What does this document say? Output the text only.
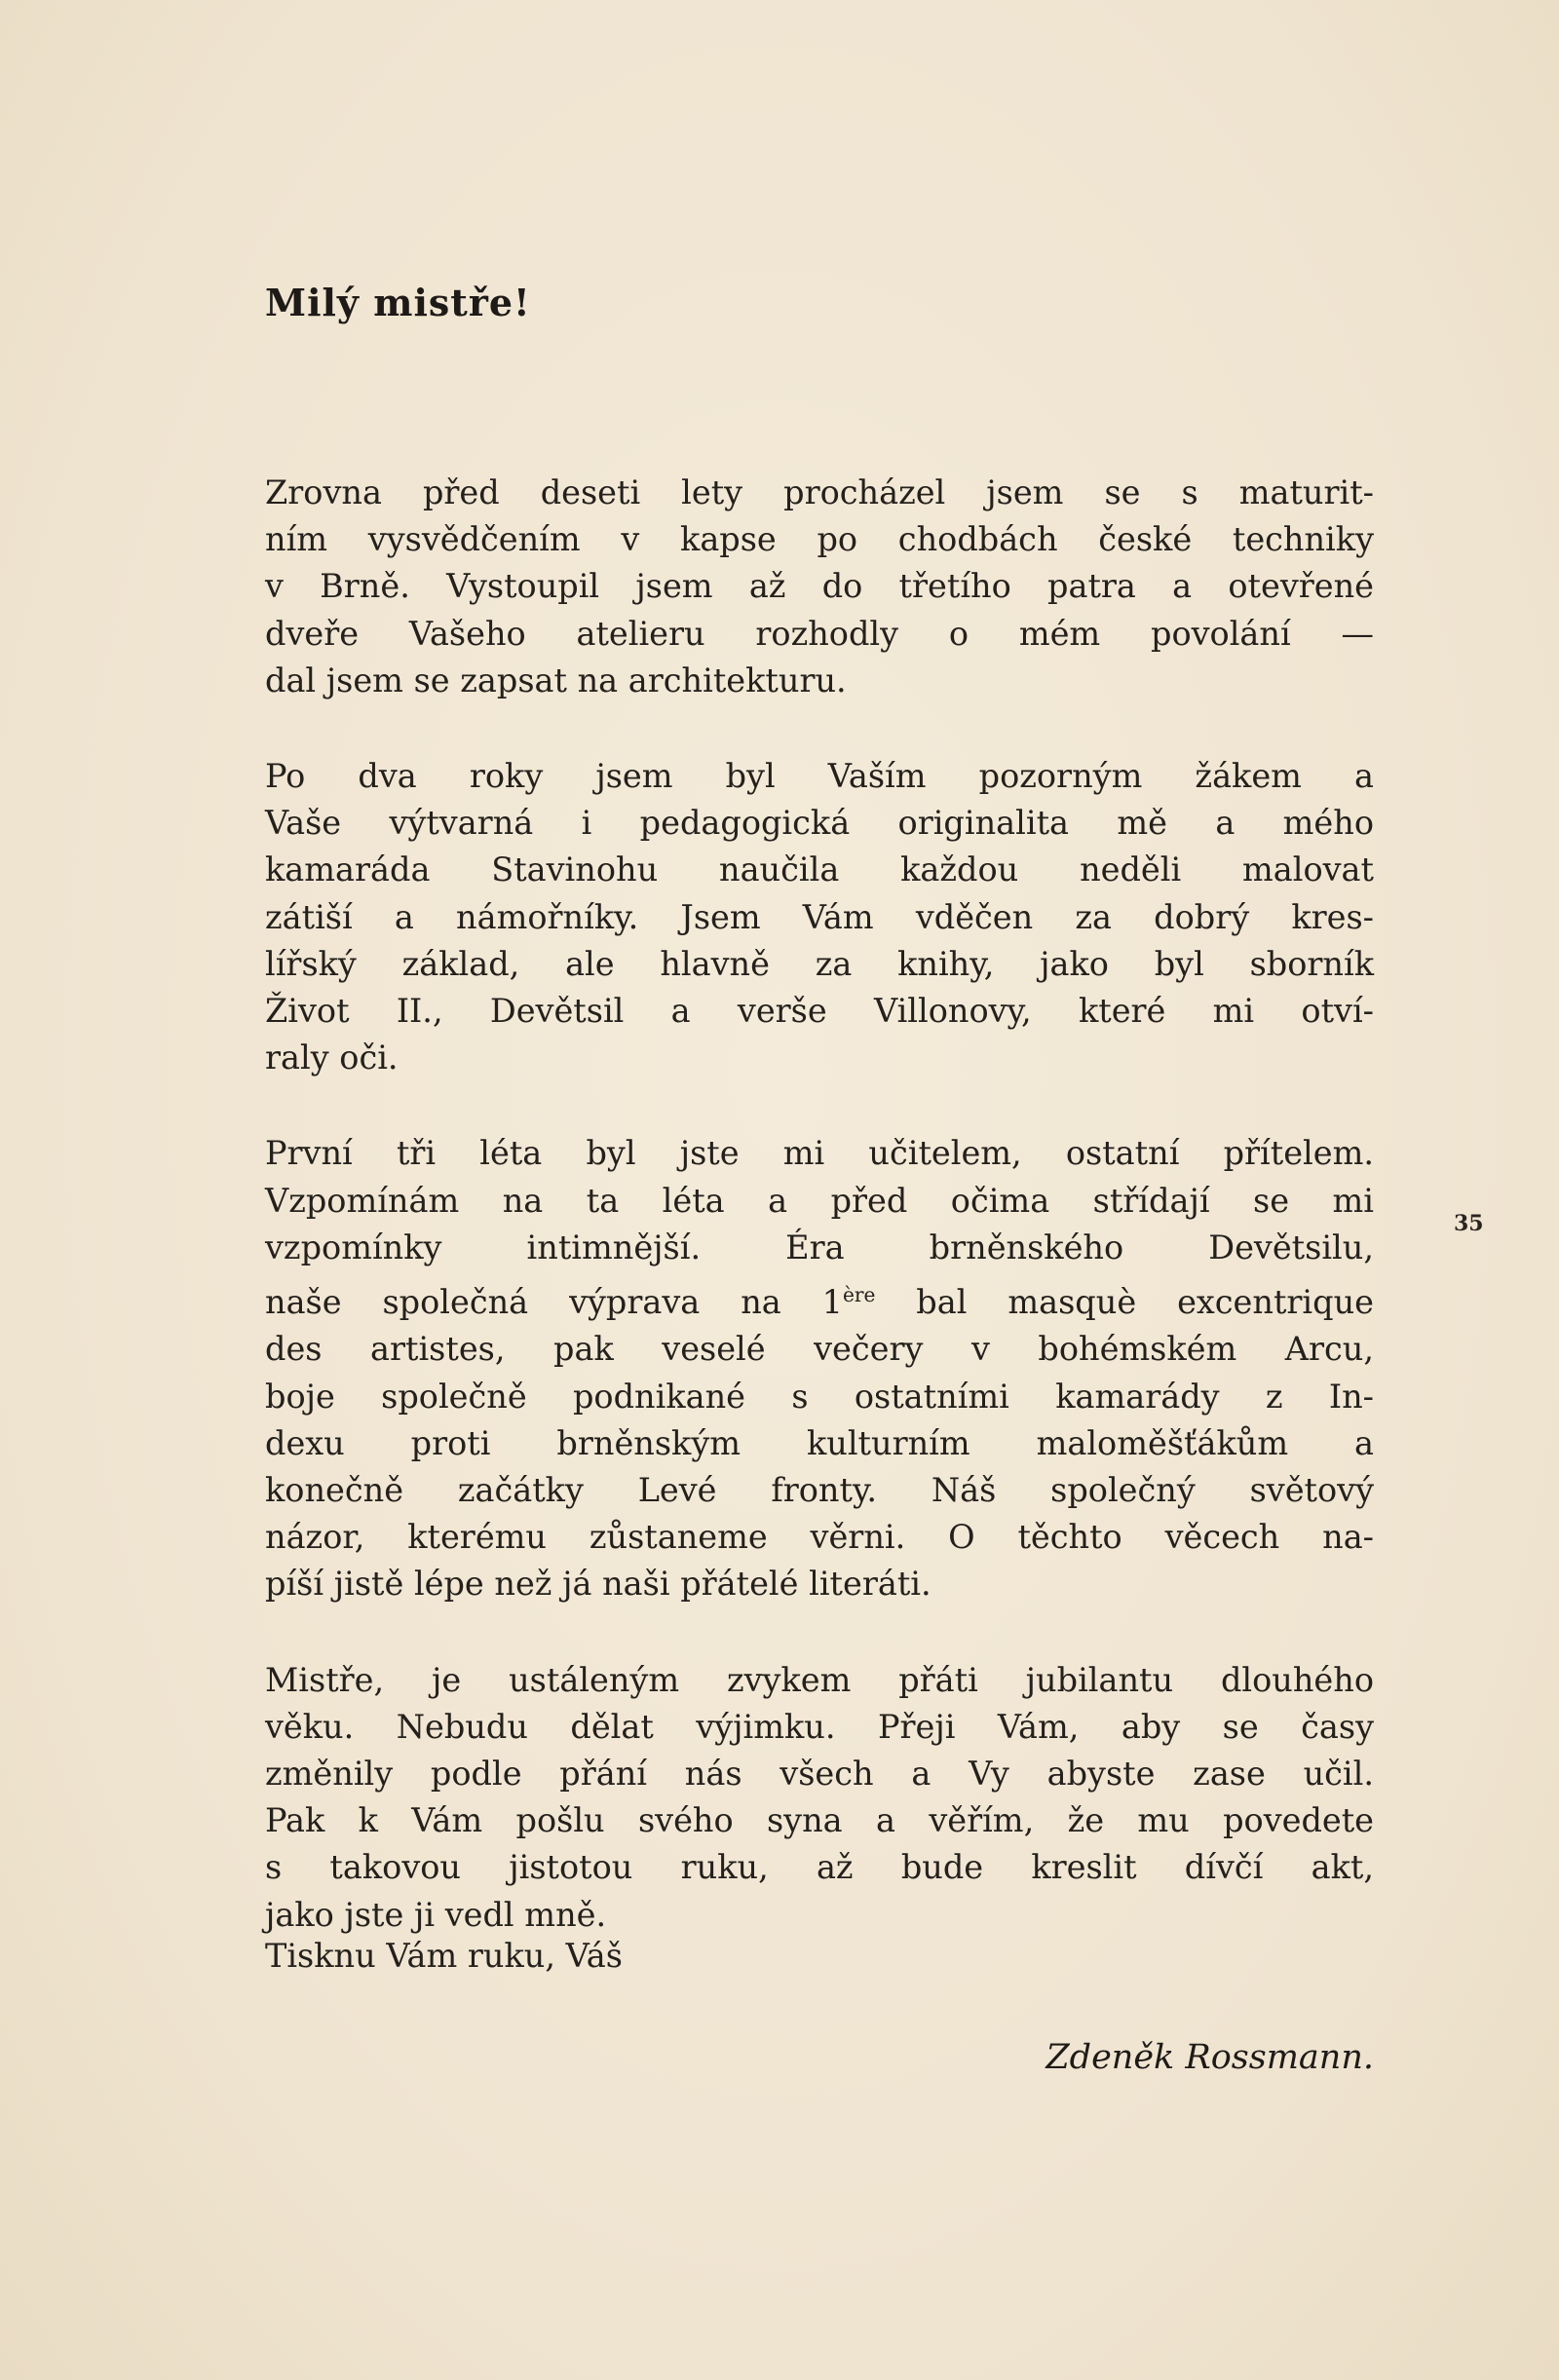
Milý mistře!

Zrovna před deseti lety procházel jsem se s maturit-
ním vysvědčením v kapse po chodbách české techniky
v Brně. Vystoupil jsem až do třetího patra a otevřené
dveře Vašeho atelieru rozhodly o mém povolání —
dal jsem se zapsat na architekturu.

Po dva roky jsem byl Vaším pozorným žákem a
Vaše výtvarná i pedagogická originalita mě a mého
kamaráda Stavinohu naučila každou neděli malovat
zátiší a námořníky. Jsem Vám vděčen za dobrý kres-
lířský základ, ale hlavně za knihy, jako byl sborník
Život II., Devětsil a verše Villonovy, které mi otví-
raly oči.

První tři léta byl jste mi učitelem, ostatní přítelem.
Vzpomínám na ta léta a před očima střídají se mi
vzpomínky intimnější. Éra brněnského Devětsilu,
naše společná výprava na 1ère bal masquè excentrique
des artistes, pak veselé večery v bohémském Arcu,
boje společně podnikané s ostatními kamarády z In-
dexu proti brněnským kulturním maloměšťákům a
konečně začátky Levé fronty. Náš společný světový
názor, kterému zůstaneme věrni. O těchto věcech na-
píší jistě lépe než já naši přátelé literáti.

Mistře, je ustáleným zvykem přáti jubilantu dlouhého
věku. Nebudu dělat výjimku. Přeji Vám, aby se časy
změnily podle přání nás všech a Vy abyste zase učil.
Pak k Vám pošlu svého syna a věřím, že mu povedete
s takovou jistotou ruku, až bude kreslit dívčí akt,
jako jste ji vedl mně.

Tisknu Vám ruku, Váš
Zdeněk Rossmann.
35
